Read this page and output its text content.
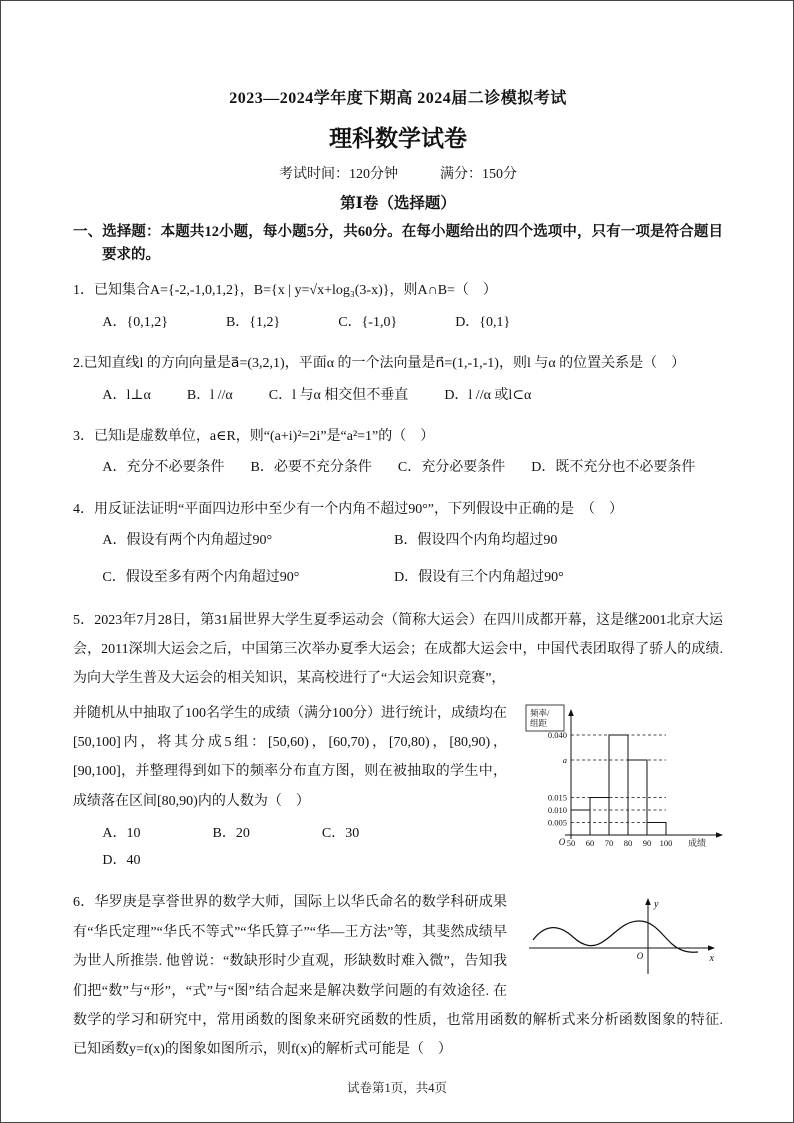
2023—2024学年度下期高 2024届二诊模拟考试
理科数学试卷
考试时间：120分钟	满分：150分
第Ⅰ卷（选择题）

一、选择题：本题共12小题，每小题5分，共60分。在每小题给出的四个选项中，只有一项是符合题目要求的。

1．已知集合A={-2,-1,0,1,2}，B={x | y=√x+log₃(3-x)}，则A∩B=（　）

A．{0,1,2}	B．{1,2}	C．{-1,0}	D．{0,1}

2.已知直线l 的方向向量是a⃗=(3,2,1)，平面α 的一个法向量是n⃗=(1,-1,-1)，则l 与α 的位置关系是（　）

A．l⊥α	B．l //α	C．l 与α 相交但不垂直	D．l //α 或l⊂α

3．已知i是虚数单位，a∈R，则“(a+i)²=2i”是“a²=1”的（　）

A．充分不必要条件 B．必要不充分条件 C．充分必要条件 D．既不充分也不必要条件

4．用反证法证明“平面四边形中至少有一个内角不超过90°”，下列假设中正确的是　（　）

A．假设有两个内角超过90°	B．假设四个内角均超过90
C．假设至多有两个内角超过90°	D．假设有三个内角超过90°

5．2023年7月28日，第31届世界大学生夏季运动会（简称大运会）在四川成都开幕，这是继2001北京大运会，2011深圳大运会之后，中国第三次举办夏季大运会；在成都大运会中，中国代表团取得了骄人的成绩. 为向大学生普及大运会的相关知识，某高校进行了“大运会知识竞赛”，

0.040
a
0.015
0.010
0.005
50 60 70 80 90 100 成绩
O
频率/
组距

并随机从中抽取了100名学生的成绩（满分100分）进行统计，成绩均在[50,100]内，将其分成5组：[50,60)，[60,70)，[70,80)，[80,90)，[90,100]，并整理得到如下的频率分布直方图，则在被抽取的学生中，成绩落在区间[80,90)内的人数为（　）

A．10	B．20	C．30
D．40
x
y
O

6．华罗庚是享誉世界的数学大师，国际上以华氏命名的数学科研成果有“华氏定理”“华氏不等式”“华氏算子”“华—王方法”等，其斐然成绩早为世人所推崇. 他曾说：“数缺形时少直观，形缺数时难入微”，告知我们把“数”与“形”，“式”与“图”结合起来是解决数学问题的有效途径. 在数学的学习和研究中，常用函数的图象来研究函数的性质，也常用函数的解析式来分析函数图象的特征. 已知函数y=f(x)的图象如图所示，则f(x)的解析式可能是（　）

试卷第1页，共4页
